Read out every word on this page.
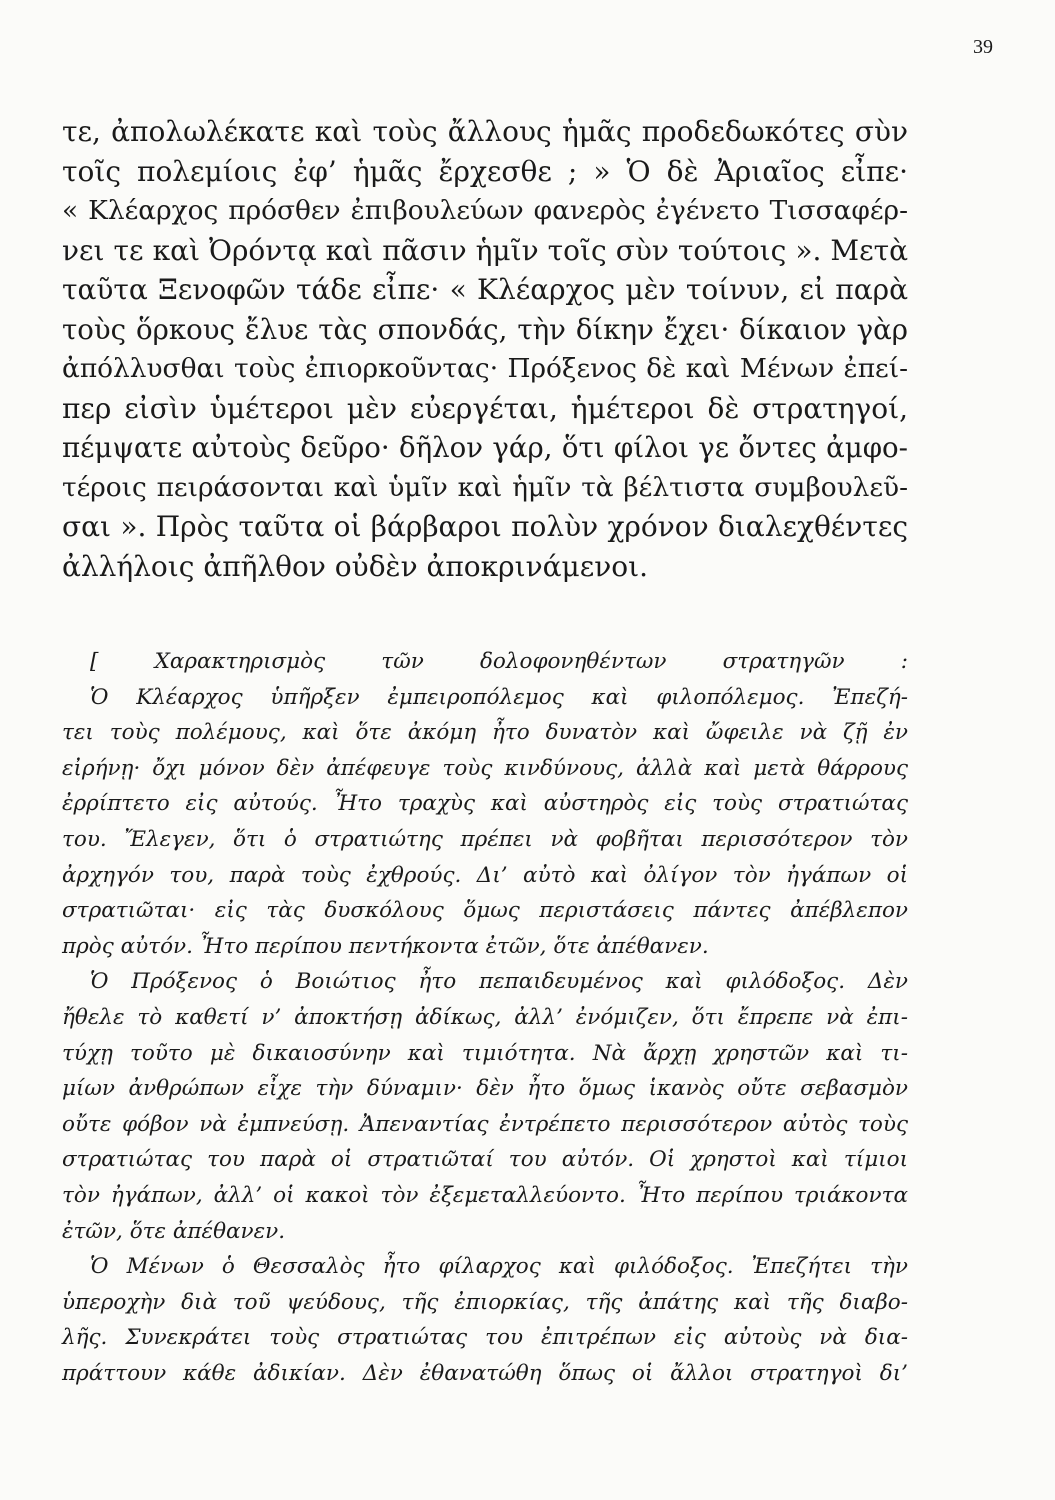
39
τε, ἀπολωλέκατε καὶ τοὺς ἄλλους ἡμᾶς προδεδωκότες σὺν
τοῖς πολεμίοις ἐφ’ ἡμᾶς ἔρχεσθε ; » Ὁ δὲ Ἀριαῖος εἶπε·
« Κλέαρχος πρόσθεν ἐπιβουλεύων φανερὸς ἐγένετο Τισσαφέρ-
νει τε καὶ Ὀρόντᾳ καὶ πᾶσιν ἡμῖν τοῖς σὺν τούτοις ». Μετὰ
ταῦτα Ξενοφῶν τάδε εἶπε· « Κλέαρχος μὲν τοίνυν, εἰ παρὰ
τοὺς ὅρκους ἔλυε τὰς σπονδάς, τὴν δίκην ἔχει· δίκαιον γὰρ
ἀπόλλυσθαι τοὺς ἐπιορκοῦντας· Πρόξενος δὲ καὶ Μένων ἐπεί-
περ εἰσὶν ὑμέτεροι μὲν εὐεργέται, ἡμέτεροι δὲ στρατηγοί,
πέμψατε αὐτοὺς δεῦρο· δῆλον γάρ, ὅτι φίλοι γε ὄντες ἀμφο-
τέροις πειράσονται καὶ ὑμῖν καὶ ἡμῖν τὰ βέλτιστα συμβουλεῦ-
σαι ». Πρὸς ταῦτα οἱ βάρβαροι πολὺν χρόνον διαλεχθέντες
ἀλλήλοις ἀπῆλθον οὐδὲν ἀποκρινάμενοι.
[ Χαρακτηρισμὸς τῶν δολοφονηθέντων στρατηγῶν :
Ὁ Κλέαρχος ὑπῆρξεν ἐμπειροπόλεμος καὶ φιλοπόλεμος. Ἐπεζή-
τει τοὺς πολέμους, καὶ ὅτε ἀκόμη ἦτο δυνατὸν καὶ ὤφειλε νὰ ζῇ ἐν
εἰρήνῃ· ὄχι μόνον δὲν ἀπέφευγε τοὺς κινδύνους, ἀλλὰ καὶ μετὰ θάρρους
ἐρρίπτετο εἰς αὐτούς. Ἦτο τραχὺς καὶ αὐστηρὸς εἰς τοὺς στρατιώτας
του. Ἔλεγεν, ὅτι ὁ στρατιώτης πρέπει νὰ φοβῆται περισσότερον τὸν
ἀρχηγόν του, παρὰ τοὺς ἐχθρούς. Δι’ αὐτὸ καὶ ὀλίγον τὸν ἠγάπων οἱ
στρατιῶται· εἰς τὰς δυσκόλους ὅμως περιστάσεις πάντες ἀπέβλεπον
πρὸς αὐτόν. Ἦτο περίπου πεντήκοντα ἐτῶν, ὅτε ἀπέθανεν.
Ὁ Πρόξενος ὁ Βοιώτιος ἦτο πεπαιδευμένος καὶ φιλόδοξος. Δὲν
ἤθελε τὸ καθετί ν’ ἀποκτήσῃ ἀδίκως, ἀλλ’ ἐνόμιζεν, ὅτι ἔπρεπε νὰ ἐπι-
τύχῃ τοῦτο μὲ δικαιοσύνην καὶ τιμιότητα. Νὰ ἄρχῃ χρηστῶν καὶ τι-
μίων ἀνθρώπων εἶχε τὴν δύναμιν· δὲν ἦτο ὅμως ἱκανὸς οὔτε σεβασμὸν
οὔτε φόβον νὰ ἐμπνεύσῃ. Ἀπεναντίας ἐντρέπετο περισσότερον αὐτὸς τοὺς
στρατιώτας του παρὰ οἱ στρατιῶταί του αὐτόν. Οἱ χρηστοὶ καὶ τίμιοι
τὸν ἠγάπων, ἀλλ’ οἱ κακοὶ τὸν ἐξεμεταλλεύοντο. Ἦτο περίπου τριάκοντα
ἐτῶν, ὅτε ἀπέθανεν.
Ὁ Μένων ὁ Θεσσαλὸς ἦτο φίλαρχος καὶ φιλόδοξος. Ἐπεζήτει τὴν
ὑπεροχὴν διὰ τοῦ ψεύδους, τῆς ἐπιορκίας, τῆς ἀπάτης καὶ τῆς διαβο-
λῆς. Συνεκράτει τοὺς στρατιώτας του ἐπιτρέπων εἰς αὐτοὺς νὰ δια-
πράττουν κάθε ἀδικίαν. Δὲν ἐθανατώθη ὅπως οἱ ἄλλοι στρατηγοὶ δι’
